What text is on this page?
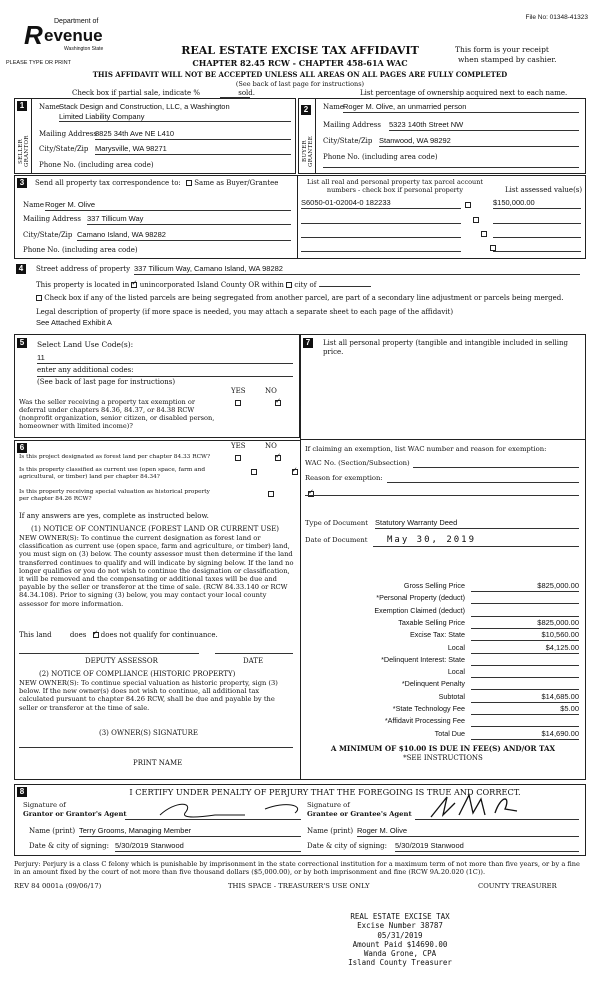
File No: 01348-41323
Department of
R evenue
Washington State
PLEASE TYPE OR PRINT
REAL ESTATE EXCISE TAX AFFIDAVIT
CHAPTER 82.45 RCW - CHAPTER 458-61A WAC
This form is your receipt
when stamped by cashier.
THIS AFFIDAVIT WILL NOT BE ACCEPTED UNLESS ALL AREAS ON ALL PAGES ARE FULLY COMPLETED
(See back of last page for instructions)
Check box if partial sale, indicate %	sold.	List percentage of ownership acquired next to each name.
1
SELLER GRANTOR
Name
Stack Design and Construction, LLC, a Washington
Limited Liability Company
Mailing Address
8825 34th Ave NE L410
City/State/Zip Marysville, WA 98271
Phone No. (including area code)
2
BUYER GRANTEE
Name
Roger M. Olive, an unmarried person
Mailing Address 5323 140th Street NW
City/State/Zip Stanwood, WA 98292
Phone No. (including area code)
3	Send all property tax correspondence to: Same as Buyer/Grantee
Name Roger M. Olive
Mailing Address 337 Tillicum Way
City/State/Zip Camano Island, WA 98282
Phone No. (including area code)
List all real and personal property tax parcel account
numbers - check box if personal property	List assessed value(s)
S6050-01-02004-0 182233	$150,000.00

4	Street address of property 337 Tillicum Way, Camano Island, WA 98282
This property is located in ✓ unincorporated Island County OR within city of
Check box if any of the listed parcels are being segregated from another parcel, are part of a secondary line adjustment or parcels being merged.
Legal description of property (if more space is needed, you may attach a separate sheet to each page of the affidavit)
See Attached Exhibit A
5	Select Land Use Code(s):
11
enter any additional codes:
(See back of last page for instructions)
YES	NO
Was the seller receiving a property tax exemption or deferral under chapters 84.36, 84.37, or 84.38 RCW (nonprofit organization, senior citizen, or disabled person, homeowner with limited income)?
✓
6	YES	NO
Is this project designated as forest land per chapter 84.33 RCW?
✓
Is this property classified as current use (open space, farm and agricultural, or timber) land per chapter 84.34?
✓
Is this property receiving special valuation as historical property per chapter 84.26 RCW?
✓
If any answers are yes, complete as instructed below.
(1) NOTICE OF CONTINUANCE (FOREST LAND OR CURRENT USE)
NEW OWNER(S): To continue the current designation as forest land or classification as current use (open space, farm and agriculture, or timber) land, you must sign on (3) below. The county assessor must then determine if the land transferred continues to qualify and will indicate by signing below. If the land no longer qualifies or you do not wish to continue the designation or classification, it will be removed and the compensating or additional taxes will be due and payable by the seller or transferor at the time of sale. (RCW 84.33.140 or RCW 84.34.108). Prior to signing (3) below, you may contact your local county assessor for more information.
This land	does ✓ does not qualify for continuance.
DEPUTY ASSESSOR	DATE
(2) NOTICE OF COMPLIANCE (HISTORIC PROPERTY)
NEW OWNER(S): To continue special valuation as historic property, sign (3) below. If the new owner(s) does not wish to continue, all additional tax calculated pursuant to chapter 84.26 RCW, shall be due and payable by the seller or transferor at the time of sale.
(3) OWNER(S) SIGNATURE
PRINT NAME
7	List all personal property (tangible and intangible included in selling price.
If claiming an exemption, list WAC number and reason for exemption:
WAC No. (Section/Subsection)
Reason for exemption:
Type of Document Statutory Warranty Deed
Date of Document May 30, 2019
Gross Selling Price	$825,000.00
*Personal Property (deduct)
Exemption Claimed (deduct)
Taxable Selling Price	$825,000.00
Excise Tax: State	$10,560.00
Local	$4,125.00
*Delinquent Interest: State
Local
*Delinquent Penalty
Subtotal	$14,685.00
*State Technology Fee	$5.00
*Affidavit Processing Fee
Total Due	$14,690.00
A MINIMUM OF $10.00 IS DUE IN FEE(S) AND/OR TAX
*SEE INSTRUCTIONS
8	I CERTIFY UNDER PENALTY OF PERJURY THAT THE FOREGOING IS TRUE AND CORRECT.
Signature of
Grantor or Grantor's Agent
Signature of
Grantee or Grantee's Agent
Name (print) Terry Grooms, Managing Member	Name (print) Roger M. Olive
Date & city of signing: 5/30/2019 Stanwood	Date & city of signing: 5/30/2019 Stanwood
Perjury: Perjury is a class C felony which is punishable by imprisonment in the state correctional institution for a maximum term of not more than five years, or by a fine in an amount fixed by the court of not more than five thousand dollars ($5,000.00), or by both imprisonment and fine (RCW 9A.20.020 (1C)).
REV 84 0001a (09/06/17)	THIS SPACE - TREASURER'S USE ONLY	COUNTY TREASURER
REAL ESTATE EXCISE TAX
Excise Number 38787
05/31/2019
Amount Paid $14690.00
Wanda Grone, CPA
Island County Treasurer
